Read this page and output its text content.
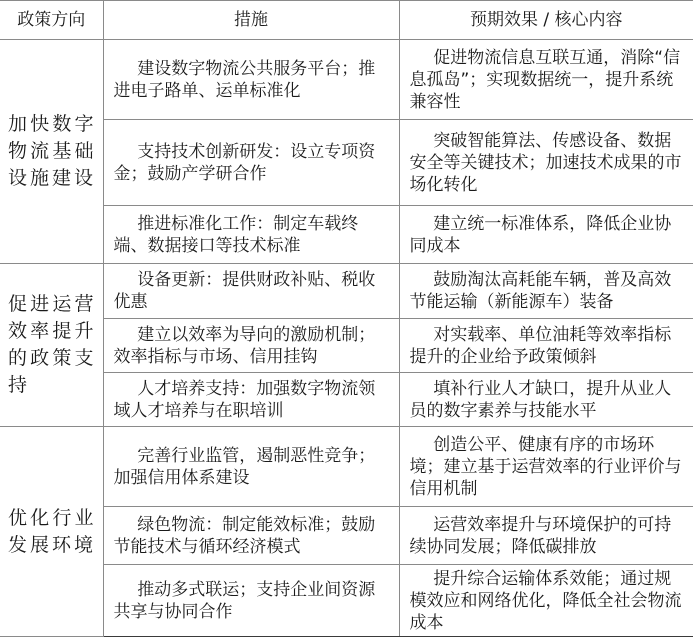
政策方向	措施	预期效果 / 核心内容
加快数字物流基础设施建设	建设数字物流公共服务平台；推进电子路单、运单标准化	促进物流信息互联互通，消除“信息孤岛”；实现数据统一，提升系统兼容性
	支持技术创新研发：设立专项资金；鼓励产学研合作	突破智能算法、传感设备、数据安全等关键技术；加速技术成果的市场化转化
	推进标准化工作：制定车载终端、数据接口等技术标准	建立统一标准体系，降低企业协同成本
促进运营效率提升的政策支持	设备更新：提供财政补贴、税收优惠	鼓励淘汰高耗能车辆，普及高效节能运输（新能源车）装备
	建立以效率为导向的激励机制；效率指标与市场、信用挂钩	对实载率、单位油耗等效率指标提升的企业给予政策倾斜
	人才培养支持：加强数字物流领域人才培养与在职培训	填补行业人才缺口，提升从业人员的数字素养与技能水平
优化行业发展环境	完善行业监管，遏制恶性竞争；加强信用体系建设	创造公平、健康有序的市场环境；建立基于运营效率的行业评价与信用机制
	绿色物流：制定能效标准；鼓励节能技术与循环经济模式	运营效率提升与环境保护的可持续协同发展；降低碳排放
	推动多式联运；支持企业间资源共享与协同合作	提升综合运输体系效能；通过规模效应和网络优化，降低全社会物流成本
